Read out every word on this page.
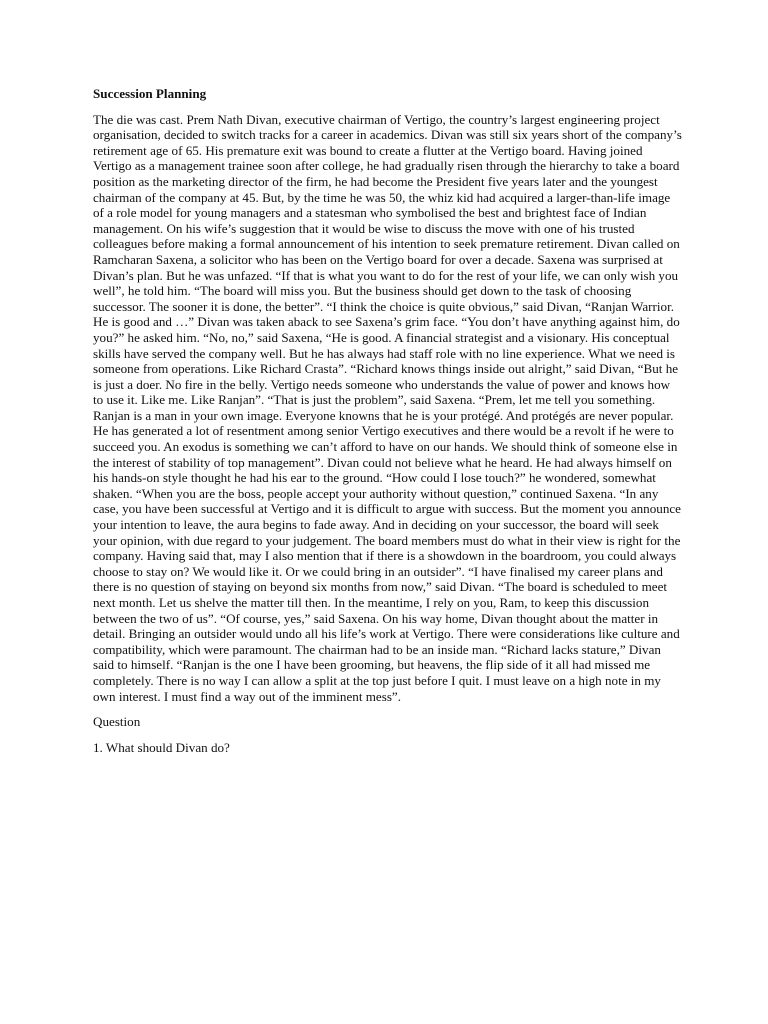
Succession Planning
The die was cast. Prem Nath Divan, executive chairman of Vertigo, the country’s largest engineering project organisation, decided to switch tracks for a career in academics. Divan was still six years short of the company’s retirement age of 65. His premature exit was bound to create a flutter at the Vertigo board. Having joined Vertigo as a management trainee soon after college, he had gradually risen through the hierarchy to take a board position as the marketing director of the firm, he had become the President five years later and the youngest chairman of the company at 45. But, by the time he was 50, the whiz kid had acquired a larger-than-life image of a role model for young managers and a statesman who symbolised the best and brightest face of Indian management. On his wife’s suggestion that it would be wise to discuss the move with one of his trusted colleagues before making a formal announcement of his intention to seek premature retirement. Divan called on Ramcharan Saxena, a solicitor who has been on the Vertigo board for over a decade. Saxena was surprised at Divan’s plan. But he was unfazed. “If that is what you want to do for the rest of your life, we can only wish you well”, he told him. “The board will miss you. But the business should get down to the task of choosing successor. The sooner it is done, the better”. “I think the choice is quite obvious,” said Divan, “Ranjan Warrior. He is good and …” Divan was taken aback to see Saxena’s grim face. “You don’t have anything against him, do you?” he asked him. “No, no,” said Saxena, “He is good. A financial strategist and a visionary. His conceptual skills have served the company well. But he has always had staff role with no line experience. What we need is someone from operations. Like Richard Crasta”. “Richard knows things inside out alright,” said Divan, “But he is just a doer. No fire in the belly. Vertigo needs someone who understands the value of power and knows how to use it. Like me. Like Ranjan”. “That is just the problem”, said Saxena. “Prem, let me tell you something. Ranjan is a man in your own image. Everyone knowns that he is your protégé. And protégés are never popular. He has generated a lot of resentment among senior Vertigo executives and there would be a revolt if he were to succeed you. An exodus is something we can’t afford to have on our hands. We should think of someone else in the interest of stability of top management”. Divan could not believe what he heard. He had always himself on his hands-on style thought he had his ear to the ground. “How could I lose touch?” he wondered, somewhat shaken. “When you are the boss, people accept your authority without question,” continued Saxena. “In any case, you have been successful at Vertigo and it is difficult to argue with success. But the moment you announce your intention to leave, the aura begins to fade away. And in deciding on your successor, the board will seek your opinion, with due regard to your judgement. The board members must do what in their view is right for the company. Having said that, may I also mention that if there is a showdown in the boardroom, you could always choose to stay on? We would like it. Or we could bring in an outsider”. “I have finalised my career plans and there is no question of staying on beyond six months from now,” said Divan. “The board is scheduled to meet next month. Let us shelve the matter till then. In the meantime, I rely on you, Ram, to keep this discussion between the two of us”. “Of course, yes,” said Saxena. On his way home, Divan thought about the matter in detail. Bringing an outsider would undo all his life’s work at Vertigo. There were considerations like culture and compatibility, which were paramount. The chairman had to be an inside man. “Richard lacks stature,” Divan said to himself. “Ranjan is the one I have been grooming, but heavens, the flip side of it all had missed me completely. There is no way I can allow a split at the top just before I quit. I must leave on a high note in my own interest. I must find a way out of the imminent mess”.
Question
1. What should Divan do?
